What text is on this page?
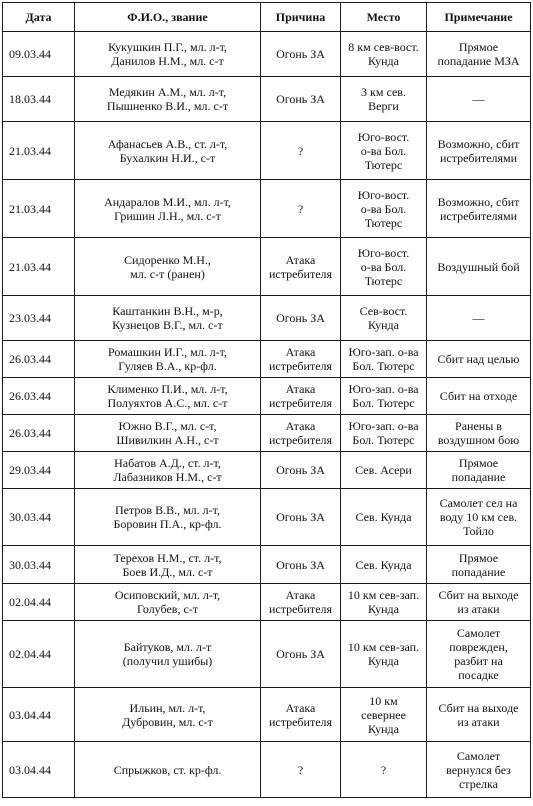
Дата	Ф.И.О., звание	Причина	Место	Примечание
09.03.44	Кукушкин П.Г., мл. л-т,
Данилов Н.М., мл. с-т	Огонь ЗА	8 км сев-вост.
Кунда	Прямое
попадание МЗА

18.03.44	Медякин А.М., мл. л-т,
Пышненко В.И., мл. с-т	Огонь ЗА	3 км сев.
Верги	—

21.03.44	Афанасьев А.В., ст. л-т,
Бухалкин Н.И., с-т	?	Юго-вост.
о-ва Бол.
Тютерс	Возможно, сбит
истребителями

21.03.44	Андаралов М.И., мл. л-т,
Гришин Л.Н., мл. с-т	?	Юго-вост.
о-ва Бол.
Тютерс	Возможно, сбит
истребителями

21.03.44	Сидоренко М.Н.,
мл. с-т (ранен)	Атака
истребителя	Юго-вост.
о-ва Бол.
Тютерс	Воздушный бой

23.03.44	Каштанкин В.Н., м-р,
Кузнецов В.Г., мл. с-т	Огонь ЗА	Сев-вост.
Кунда	—

26.03.44	Ромашкин И.Г., мл. л-т,
Гуляев В.А., кр-фл.	Атака
истребителя	Юго-зап. о-ва
Бол. Тютерс	Сбит над целью

26.03.44	Клименко П.И., мл. л-т,
Полуяхтов А.С., мл. с-т	Атака
истребителя	Юго-зап. о-ва
Бол. Тютерс	Сбит на отходе

26.03.44	Южно В.Г., мл. с-т,
Шивилкин А.Н., с-т	Атака
истребителя	Юго-зап. о-ва
Бол. Тютерс	Ранены в
воздушном бою

29.03.44	Набатов А.Д., ст. л-т,
Лабазников Н.М., с-т	Огонь ЗА	Сев. Асери	Прямое
попадание

30.03.44	Петров В.В., мл. л-т,
Боровин П.А., кр-фл.	Огонь ЗА	Сев. Кунда	Самолет сел на
воду 10 км сев.
Тойло

30.03.44	Терехов Н.М., ст. л-т,
Боев И.Д., мл. с-т	Огонь ЗА	Сев. Кунда	Прямое
попадание

02.04.44	Осиповский, мл. л-т,
Голубев, с-т	Атака
истребителя	10 км сев-зап.
Кунда	Сбит на выходе
из атаки

02.04.44	Байтуков, мл. л-т
(получил ушибы)	Огонь ЗА	10 км сев-зап.
Кунда	Самолет
поврежден,
разбит на
посадке

03.04.44	Ильин, мл. л-т,
Дубровин, мл. с-т	Атака
истребителя	10 км
севернее
Кунда	Сбит на выходе
из атаки

03.04.44	Спрыжков, ст. кр-фл.	?	?	Самолет
вернулся без
стрелка
